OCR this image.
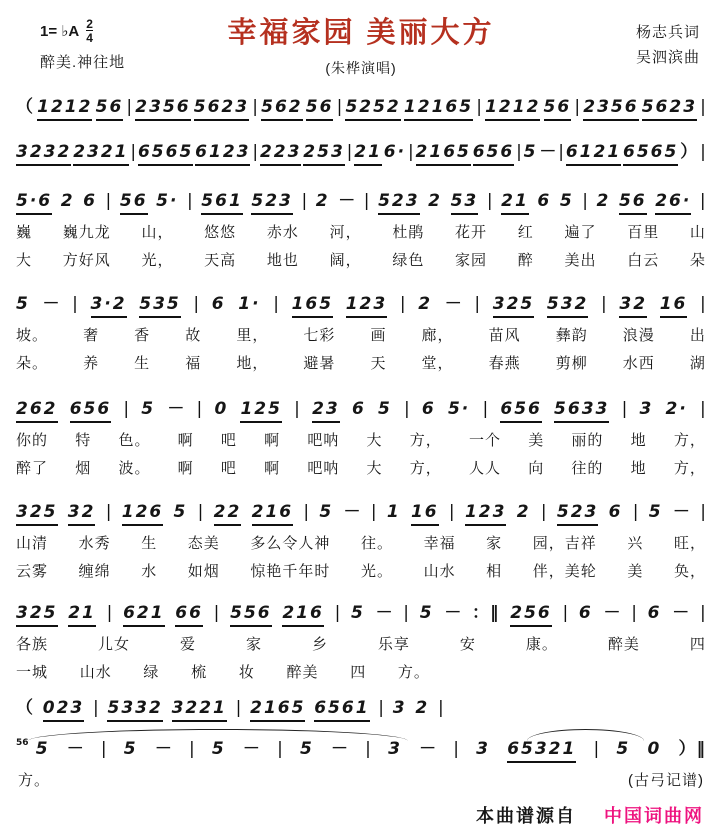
1= ♭A $\frac{2}{4}$
醉美.神往地
幸福家园 美丽大方
(朱桦演唱)
杨志兵词
吴泗滨曲
（ 1212 56 | 2356 5623 | 562 56 | 5252 12165 | 1212 56 | 2356 5623 |
3232 2321 | 6565 6123 | 223 253 | 21 6· | 2165 656 | 5 － | 6121 6565 ） |
5·6 2 6 | 56 5· | 561 523 | 2 － | 523 2 53 | 21 6 5 | 2 56 26· |
巍 巍九龙 山， 悠悠 赤水 河， 杜鹃 花开 红 遍了 百里 山
大 方好风 光， 天高 地也 阔， 绿色 家园 醉 美出 白云 朵
5 － | 3·2 535 | 6 1· | 165 123 | 2 － | 325 532 | 32 16 |
坡。 奢 香 故 里， 七彩 画 廊， 苗风 彝韵 浪漫 出
朵。 养 生 福 地， 避暑 天 堂， 春燕 剪柳 水西 湖
262 656 | 5 － | 0 125 | 23 6 5 | 6 5· | 656 5633 | 3 2· |
你的 特 色。 啊 吧 啊 吧呐 大 方， 一个 美 丽的 地 方，
醉了 烟 波。 啊 吧 啊 吧呐 大 方， 人人 向 往的 地 方，
325 32 | 126 5 | 22 216 | 5 － | 1 16 | 123 2 | 523 6 | 5 － |
山清 水秀 生 态美 多么令人神 往。 幸福 家 园，吉祥 兴 旺，
云雾 缠绵 水 如烟 惊艳千年时 光。 山水 相 伴，美轮 美 奂，
325 21 | 621 66 | 556 216 | 5 － | 5 － ：‖ 256 | 6 － | 6 － |
各族	儿女	爱	家	乡	乐享	安	康。	醉美	四
一城 山水 绿 梳 妆 醉美 四 方。
（ 023 | 5332 3221 | 2165 6561 | 3 2 |
56 5 － | 5 － | 5 － | 5 － | 3 － | 3 65321 | 5 0 ）‖
方。	(古弓记谱)
本曲谱源自 中国词曲网
